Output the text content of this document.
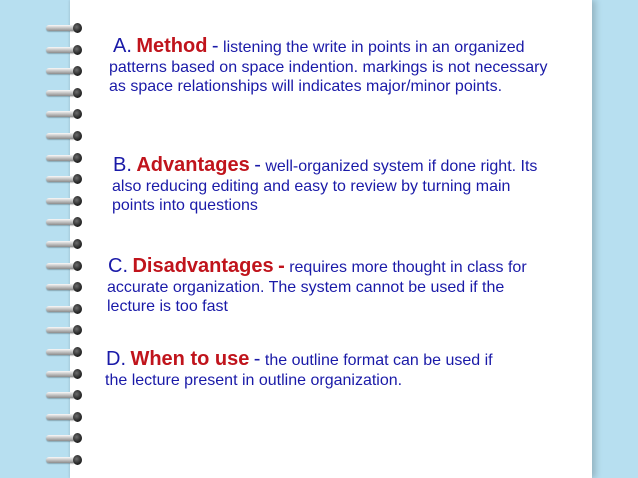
A. Method - listening the write in points in an organized
patterns based on space indention. markings is not necessary
as space relationships will indicates major/minor points.
B. Advantages - well-organized system if done right. Its
also reducing editing and easy to review by turning main
points into questions
C. Disadvantages - requires more thought in class for
accurate organization. The system cannot be used if the
lecture is too fast
D. When to use - the outline format can be used if
the lecture present in outline organization.
